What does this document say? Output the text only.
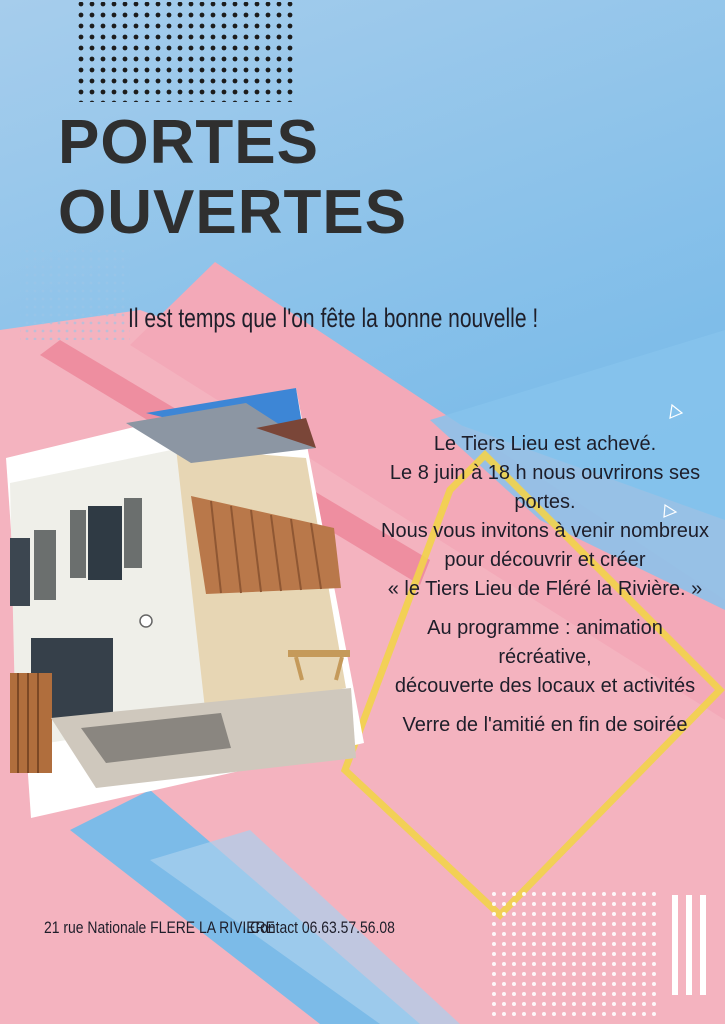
PORTES
OUVERTES

Il est temps que l'on fête la bonne nouvelle !

Le Tiers Lieu est achevé.

Le 8 juin à 18 h nous ouvrirons ses portes.

Nous vous invitons à venir nombreux

pour découvrir et créer

« le Tiers Lieu de Fléré la Rivière. »

Au programme : animation récréative,

découverte des locaux et activités

Verre de l'amitié en fin de soirée

21 rue Nationale FLERE LA RIVIERE

Contact 06.63.57.56.08
